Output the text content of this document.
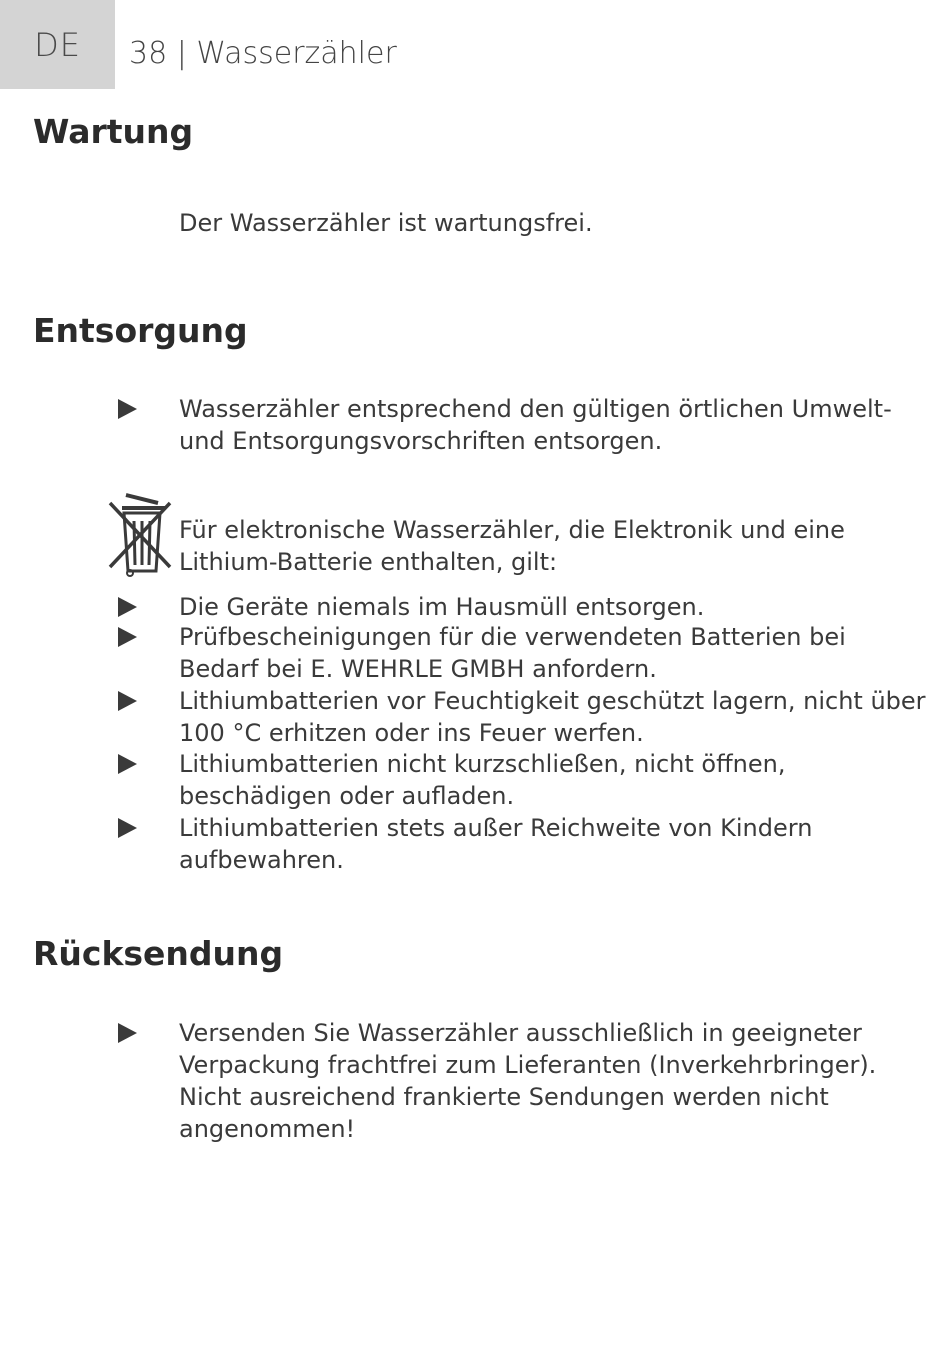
DE	38 | Wasserzähler
Wartung

Der Wasserzähler ist wartungsfrei.

Entsorgung

Wasserzähler entsprechend den gültigen örtlichen Umwelt- und Entsorgungsvorschriften entsorgen.

Für elektronische Wasserzähler, die Elektronik und eine Lithium-Batterie enthalten, gilt:

Die Geräte niemals im Hausmüll entsorgen.

Prüfbescheinigungen für die verwendeten Batterien bei Bedarf bei E. WEHRLE GMBH anfordern.

Lithiumbatterien vor Feuchtigkeit geschützt lagern, nicht über 100 °C erhitzen oder ins Feuer werfen.

Lithiumbatterien nicht kurzschließen, nicht öffnen, beschädigen oder aufladen.

Lithiumbatterien stets außer Reichweite von Kindern aufbewahren.

Rücksendung

Versenden Sie Wasserzähler ausschließlich in geeigneter Verpackung frachtfrei zum Lieferanten (Inverkehrbringer). Nicht ausreichend frankierte Sendungen werden nicht angenommen!
